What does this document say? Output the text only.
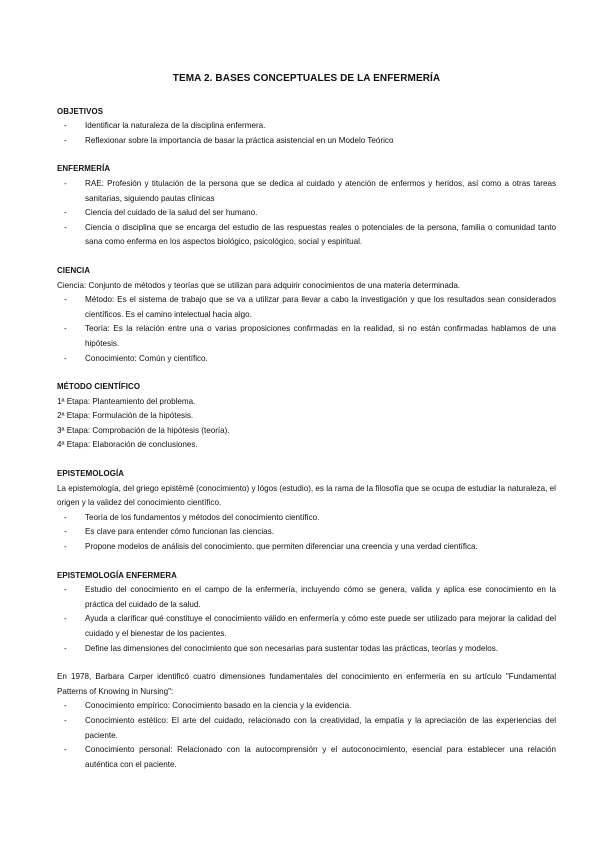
TEMA 2. BASES CONCEPTUALES DE LA ENFERMERÍA
OBJETIVOS
- Identificar la naturaleza de la disciplina enfermera.
- Reflexionar sobre la importancia de basar la práctica asistencial en un Modelo Teórico
ENFERMERÍA
- RAE: Profesión y titulación de la persona que se dedica al cuidado y atención de enfermos y heridos, así como a otras tareas sanitarias, siguiendo pautas clínicas
- Ciencia del cuidado de la salud del ser humano.
- Ciencia o disciplina que se encarga del estudio de las respuestas reales o potenciales de la persona, familia o comunidad tanto sana como enferma en los aspectos biológico, psicológico, social y espiritual.
CIENCIA

Ciencia: Conjunto de métodos y teorías que se utilizan para adquirir conocimientos de una materia determinada.

- Método: Es el sistema de trabajo que se va a utilizar para llevar a cabo la investigación y que los resultados sean considerados científicos. Es el camino intelectual hacia algo.
- Teoría: Es la relación entre una o varias proposiciones confirmadas en la realidad, si no están confirmadas hablamos de una hipótesis.
- Conocimiento: Común y científico.
MÉTODO CIENTÍFICO

1ª Etapa: Planteamiento del problema.

2ª Etapa: Formulación de la hipótesis.

3ª Etapa: Comprobación de la hipótesis (teoría).

4ª Etapa: Elaboración de conclusiones.

EPISTEMOLOGÍA

La epistemología, del griego epistēmē (conocimiento) y lógos (estudio), es la rama de la filosofía que se ocupa de estudiar la naturaleza, el origen y la validez del conocimiento científico.

- Teoría de los fundamentos y métodos del conocimiento científico.
- Es clave para entender cómo funcionan las ciencias.
- Propone modelos de análisis del conocimiento, que permiten diferenciar una creencia y una verdad científica.
EPISTEMOLOGÍA ENFERMERA
- Estudio del conocimiento en el campo de la enfermería, incluyendo cómo se genera, valida y aplica ese conocimiento en la práctica del cuidado de la salud.
- Ayuda a clarificar qué constituye el conocimiento válido en enfermería y cómo este puede ser utilizado para mejorar la calidad del cuidado y el bienestar de los pacientes.
- Define las dimensiones del conocimiento que son necesarias para sustentar todas las prácticas, teorías y modelos.

En 1978, Barbara Carper identificó cuatro dimensiones fundamentales del conocimiento en enfermería en su artículo "Fundamental Patterns of Knowing in Nursing":

- Conocimiento empírico: Conocimiento basado en la ciencia y la evidencia.
- Conocimiento estético: El arte del cuidado, relacionado con la creatividad, la empatía y la apreciación de las experiencias del paciente.
- Conocimiento personal: Relacionado con la autocomprensión y el autoconocimiento, esencial para establecer una relación auténtica con el paciente.
